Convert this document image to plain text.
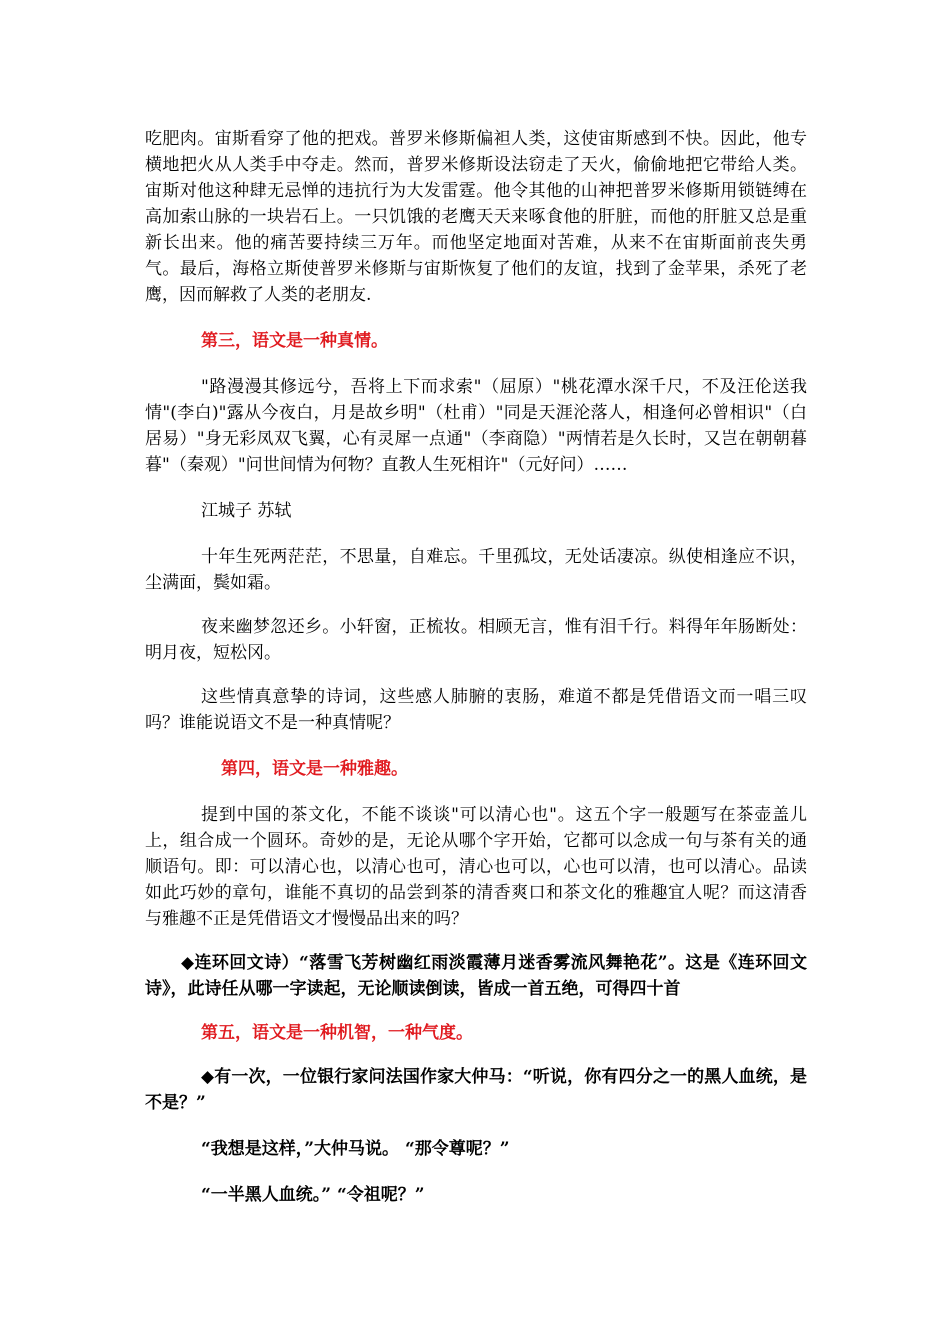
吃肥肉。宙斯看穿了他的把戏。普罗米修斯偏袒人类，这使宙斯感到不快。因此，他专横地把火从人类手中夺走。然而，普罗米修斯设法窃走了天火，偷偷地把它带给人类。宙斯对他这种肆无忌惮的违抗行为大发雷霆。他令其他的山神把普罗米修斯用锁链缚在高加索山脉的一块岩石上。一只饥饿的老鹰天天来啄食他的肝脏，而他的肝脏又总是重新长出来。他的痛苦要持续三万年。而他坚定地面对苦难，从来不在宙斯面前丧失勇气。最后，海格立斯使普罗米修斯与宙斯恢复了他们的友谊，找到了金苹果，杀死了老鹰，因而解救了人类的老朋友.

第三，语文是一种真情。

"路漫漫其修远兮，吾将上下而求索"（屈原）"桃花潭水深千尺，不及汪伦送我情"(李白)"露从今夜白，月是故乡明"（杜甫）"同是天涯沦落人，相逢何必曾相识"（白居易）"身无彩凤双飞翼，心有灵犀一点通"（李商隐）"两情若是久长时，又岂在朝朝暮暮"（秦观）"问世间情为何物？直教人生死相许"（元好问）……

江城子 苏轼

十年生死两茫茫，不思量，自难忘。千里孤坟，无处话凄凉。纵使相逢应不识，尘满面，鬓如霜。

夜来幽梦忽还乡。小轩窗，正梳妆。相顾无言，惟有泪千行。料得年年肠断处：明月夜，短松冈。

这些情真意挚的诗词，这些感人肺腑的衷肠，难道不都是凭借语文而一唱三叹吗？谁能说语文不是一种真情呢？

第四，语文是一种雅趣。

提到中国的茶文化，不能不谈谈"可以清心也"。这五个字一般题写在茶壶盖儿上，组合成一个圆环。奇妙的是，无论从哪个字开始，它都可以念成一句与茶有关的通顺语句。即：可以清心也，以清心也可，清心也可以，心也可以清，也可以清心。品读如此巧妙的章句，谁能不真切的品尝到茶的清香爽口和茶文化的雅趣宜人呢？而这清香与雅趣不正是凭借语文才慢慢品出来的吗？

◆连环回文诗）“落雪飞芳树幽红雨淡霞薄月迷香雾流风舞艳花”。这是《连环回文诗》，此诗任从哪一字读起，无论顺读倒读，皆成一首五绝，可得四十首

第五，语文是一种机智，一种气度。

◆有一次，一位银行家问法国作家大仲马：“听说，你有四分之一的黑人血统，是不是？”

“我想是这样，”大仲马说。 “那令尊呢？”

“一半黑人血统。” “令祖呢？”
